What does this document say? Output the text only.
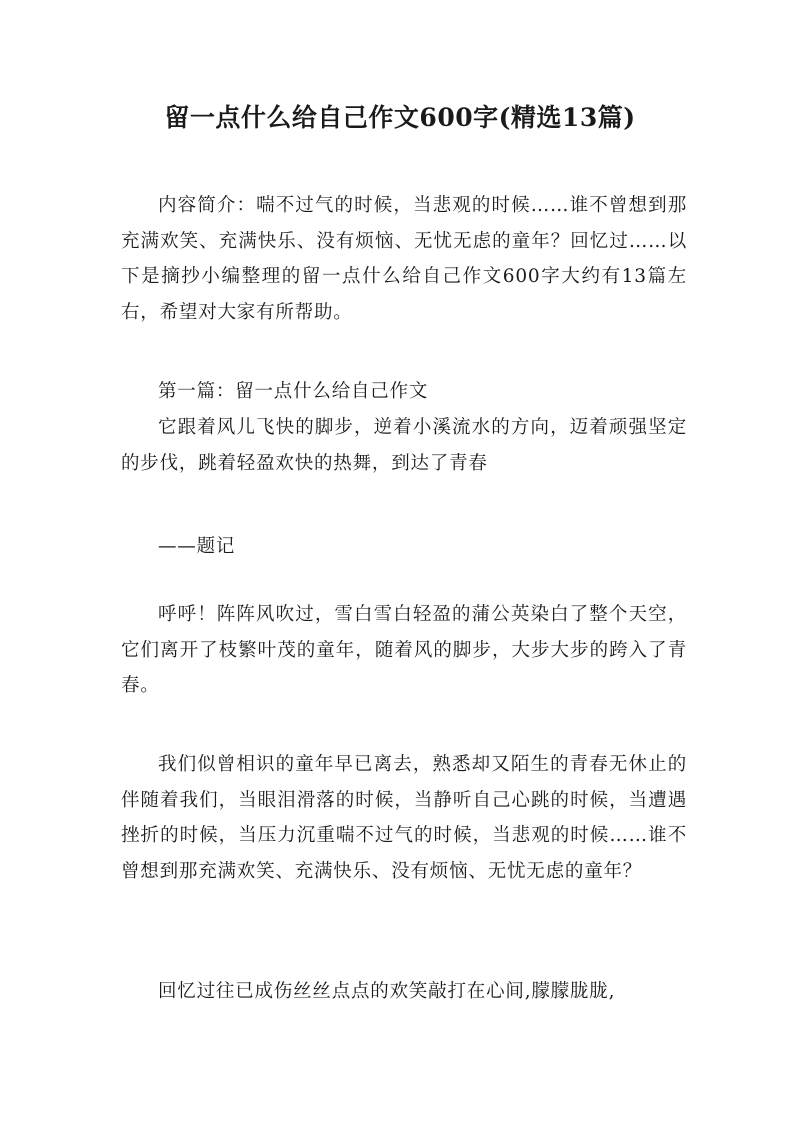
留一点什么给自己作文600字(精选13篇)

内容简介：喘不过气的时候，当悲观的时候……谁不曾想到那充满欢笑、充满快乐、没有烦恼、无忧无虑的童年？回忆过……以下是摘抄小编整理的留一点什么给自己作文600字大约有13篇左右，希望对大家有所帮助。

第一篇：留一点什么给自己作文

它跟着风儿飞快的脚步，逆着小溪流水的方向，迈着顽强坚定的步伐，跳着轻盈欢快的热舞，到达了青春

——题记

呼呼！阵阵风吹过，雪白雪白轻盈的蒲公英染白了整个天空，它们离开了枝繁叶茂的童年，随着风的脚步，大步大步的跨入了青春。

我们似曾相识的童年早已离去，熟悉却又陌生的青春无休止的伴随着我们，当眼泪滑落的时候，当静听自己心跳的时候，当遭遇挫折的时候，当压力沉重喘不过气的时候，当悲观的时候……谁不曾想到那充满欢笑、充满快乐、没有烦恼、无忧无虑的童年？

回忆过往已成伤丝丝点点的欢笑敲打在心间,朦朦胧胧,
